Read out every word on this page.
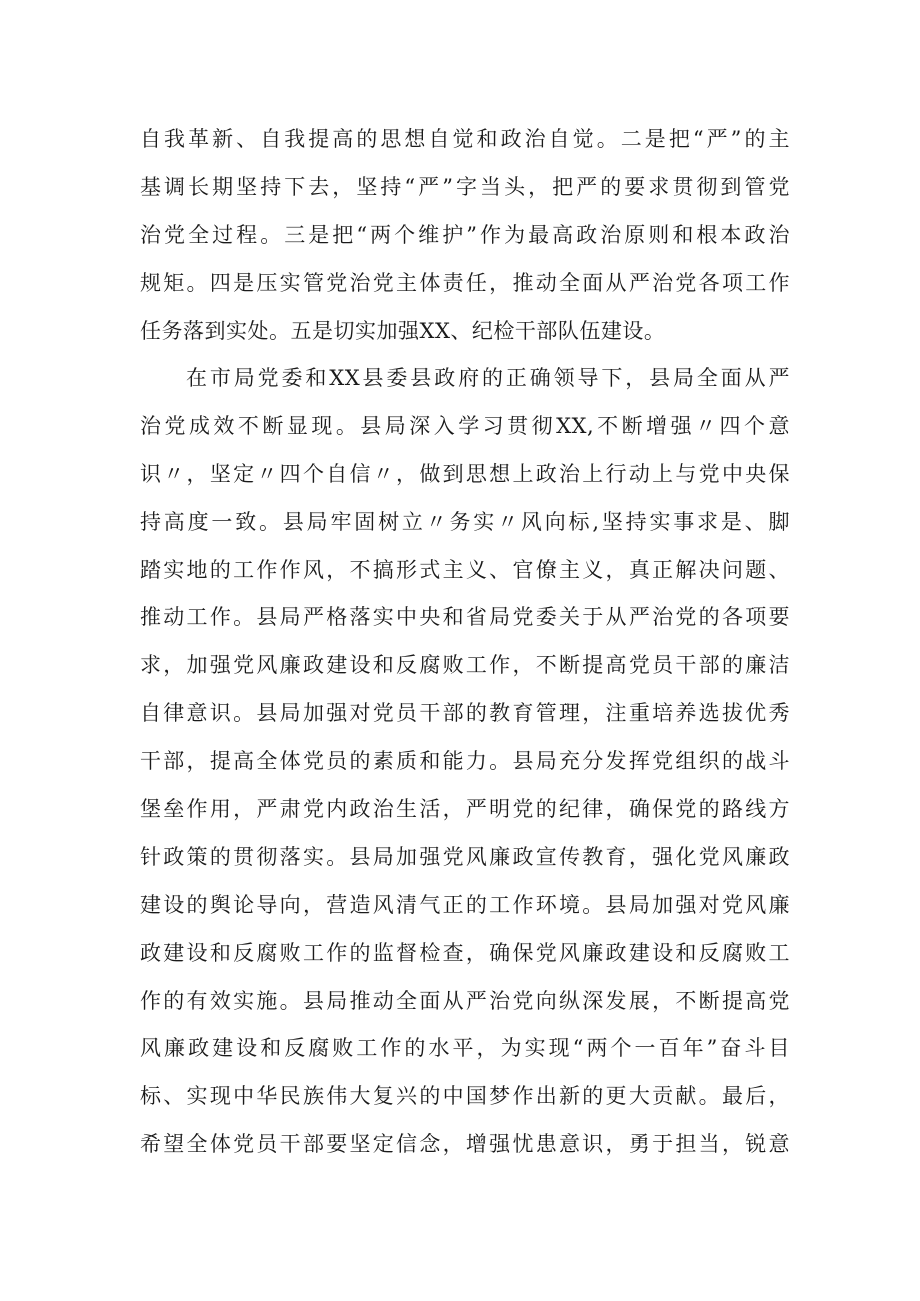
自我革新、自我提高的思想自觉和政治自觉。二是把“严”的主
基调长期坚持下去，坚持“严”字当头，把严的要求贯彻到管党
治党全过程。三是把“两个维护”作为最高政治原则和根本政治
规矩。四是压实管党治党主体责任，推动全面从严治党各项工作
任务落到实处。五是切实加强XX、纪检干部队伍建设。
在市局党委和XX县委县政府的正确领导下，县局全面从严
治党成效不断显现。县局深入学习贯彻XX,不断增强〃四个意
识〃，坚定〃四个自信〃，做到思想上政治上行动上与党中央保
持高度一致。县局牢固树立〃务实〃风向标,坚持实事求是、脚
踏实地的工作作风，不搞形式主义、官僚主义，真正解决问题、
推动工作。县局严格落实中央和省局党委关于从严治党的各项要
求，加强党风廉政建设和反腐败工作，不断提高党员干部的廉洁
自律意识。县局加强对党员干部的教育管理，注重培养选拔优秀
干部，提高全体党员的素质和能力。县局充分发挥党组织的战斗
堡垒作用，严肃党内政治生活，严明党的纪律，确保党的路线方
针政策的贯彻落实。县局加强党风廉政宣传教育，强化党风廉政
建设的舆论导向，营造风清气正的工作环境。县局加强对党风廉
政建设和反腐败工作的监督检查，确保党风廉政建设和反腐败工
作的有效实施。县局推动全面从严治党向纵深发展，不断提高党
风廉政建设和反腐败工作的水平，为实现“两个一百年”奋斗目
标、实现中华民族伟大复兴的中国梦作出新的更大贡献。最后，
希望全体党员干部要坚定信念，增强忧患意识，勇于担当，锐意
